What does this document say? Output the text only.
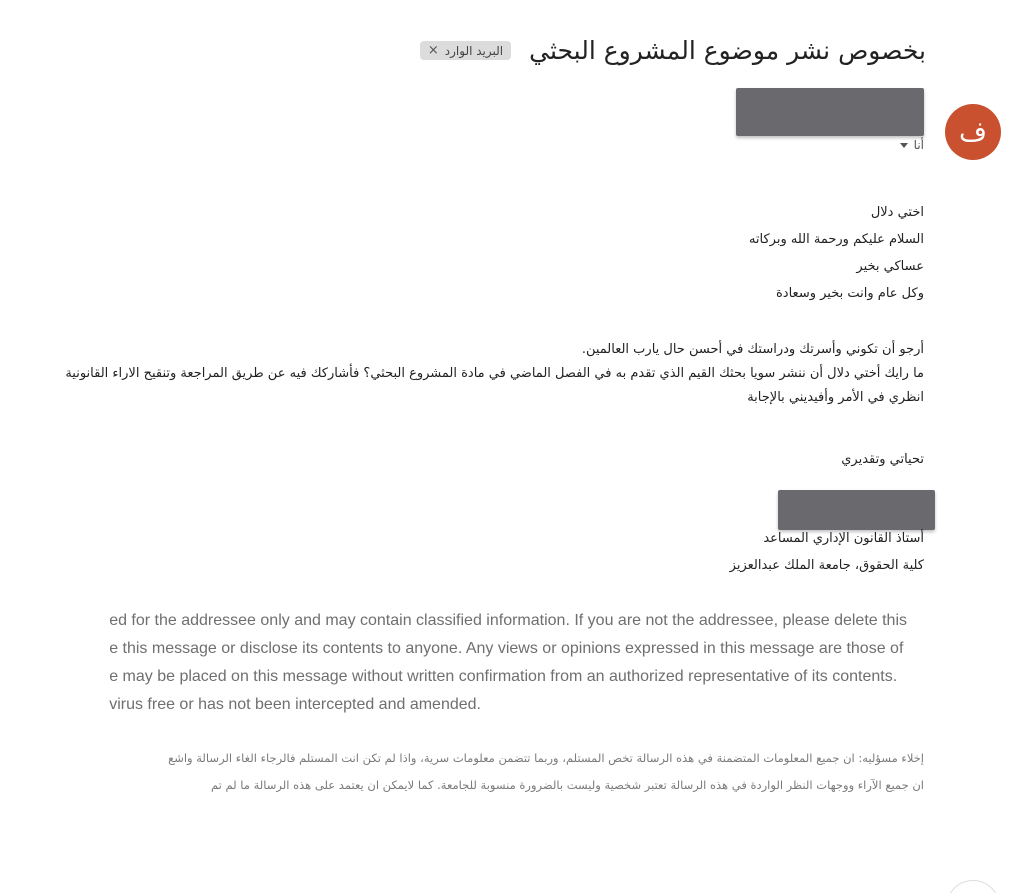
بخصوص نشر موضوع المشروع البحثي
البريد الوارد
×
ف
أنا
اختي دلال
السلام عليكم ورحمة الله وبركاته
عساكي بخير
وكل عام وانت بخير وسعادة
أرجو أن تكوني وأسرتك ودراستك في أحسن حال يارب العالمين.
ما رايك أختي دلال أن ننشر سويا بحثك القيم الذي تقدم به في الفصل الماضي في مادة المشروع البحثي؟ فأشاركك فيه عن طريق المراجعة وتنقيح الاراء القانونية
انظري في الأمر وأفيديني بالإجابة
تحياتي وتقديري
أستاذ القانون الإداري المساعد
كلية الحقوق، جامعة الملك عبدالعزيز
ed for the addressee only and may contain classified information. If you are not the addressee, please delete this
e this message or disclose its contents to anyone. Any views or opinions expressed in this message are those of
e may be placed on this message without written confirmation from an authorized representative of its contents.
virus free or has not been intercepted and amended.
إخلاء مسؤليه: ان جميع المعلومات المتضمنة في هذه الرسالة تخص المستلم، وربما تتضمن معلومات سرية، واذا لم تكن انت المستلم فالرجاء الغاء الرسالة واشع
ان جميع الآراء ووجهات النظر الواردة في هذه الرسالة تعتبر شخصية وليست بالضرورة منسوبة للجامعة. كما لايمكن ان يعتمد على هذه الرسالة ما لم تم
